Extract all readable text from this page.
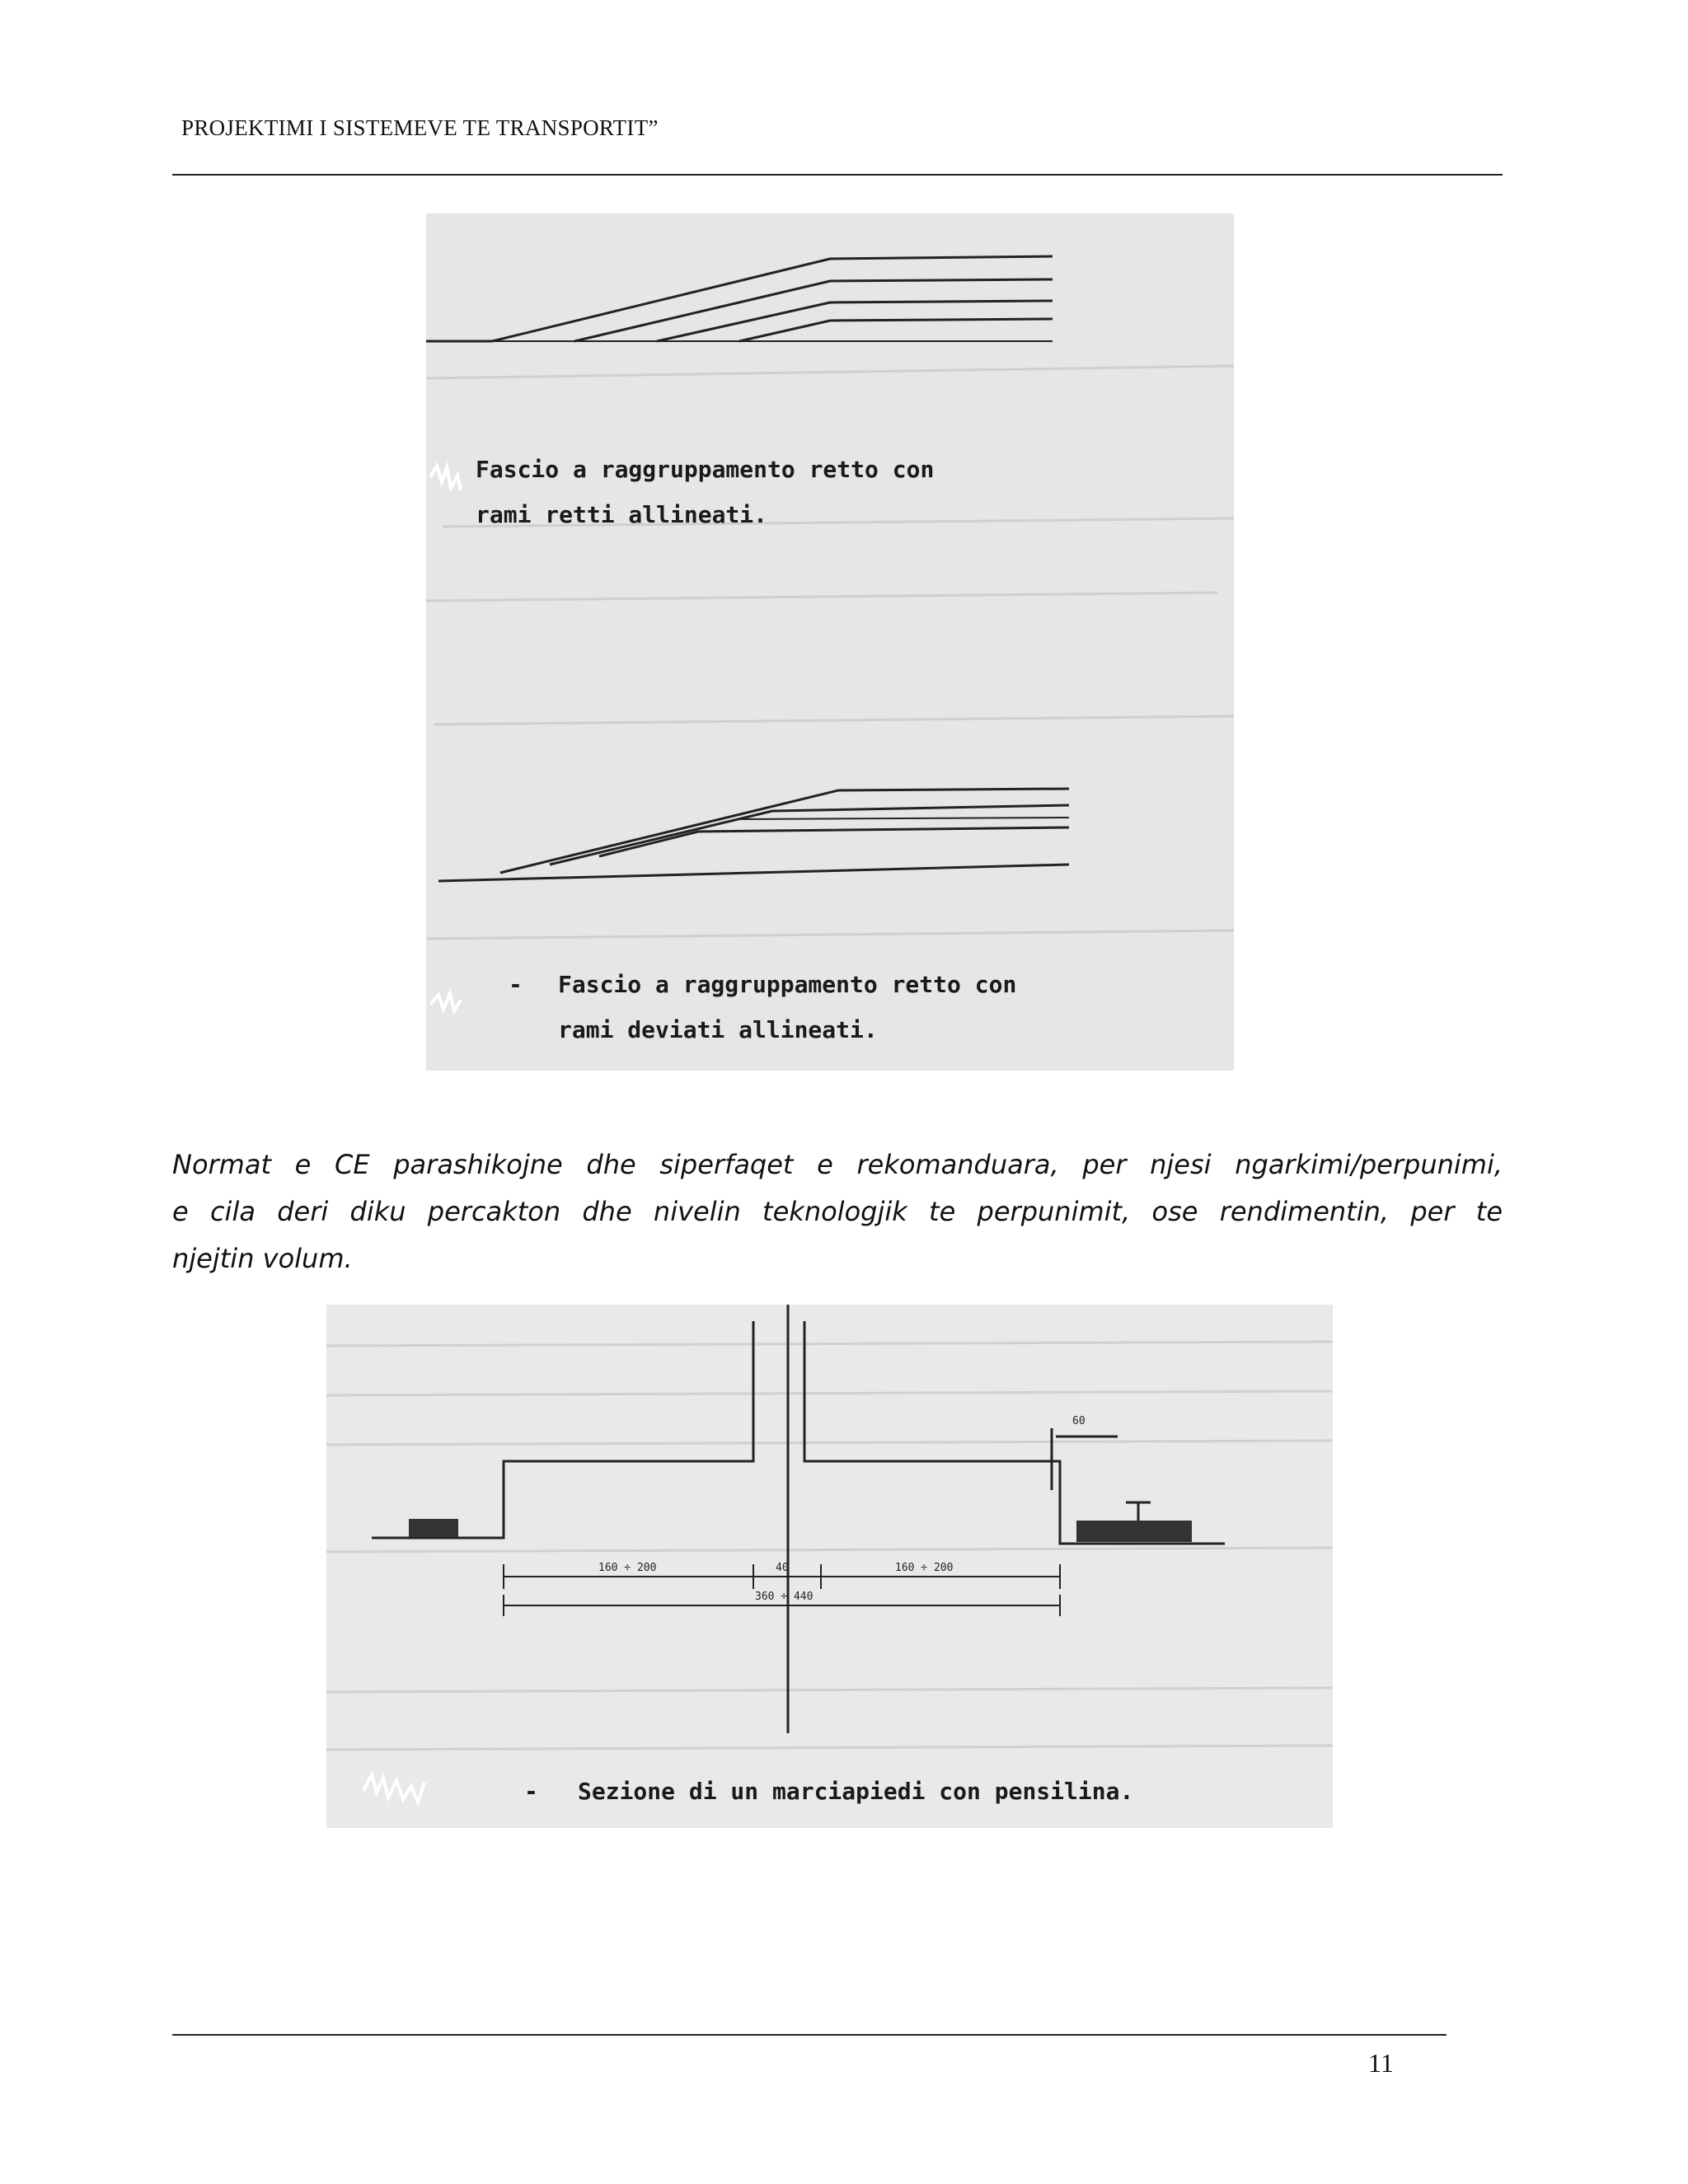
PROJEKTIMI I SISTEMEVE TE TRANSPORTIT”
Fascio a raggruppamento retto con
rami retti allineati.
- Fascio a raggruppamento retto con
rami deviati allineati.
Normat e CE parashikojne dhe siperfaqet e rekomanduara, per njesi ngarkimi/perpunimi,
e cila deri diku percakton dhe nivelin teknologjik te perpunimit, ose rendimentin, per te
njejtin volum.
60
160 ÷ 200	40	160 ÷ 200
360 ÷ 440
- Sezione di un marciapiedi con pensilina.
11
